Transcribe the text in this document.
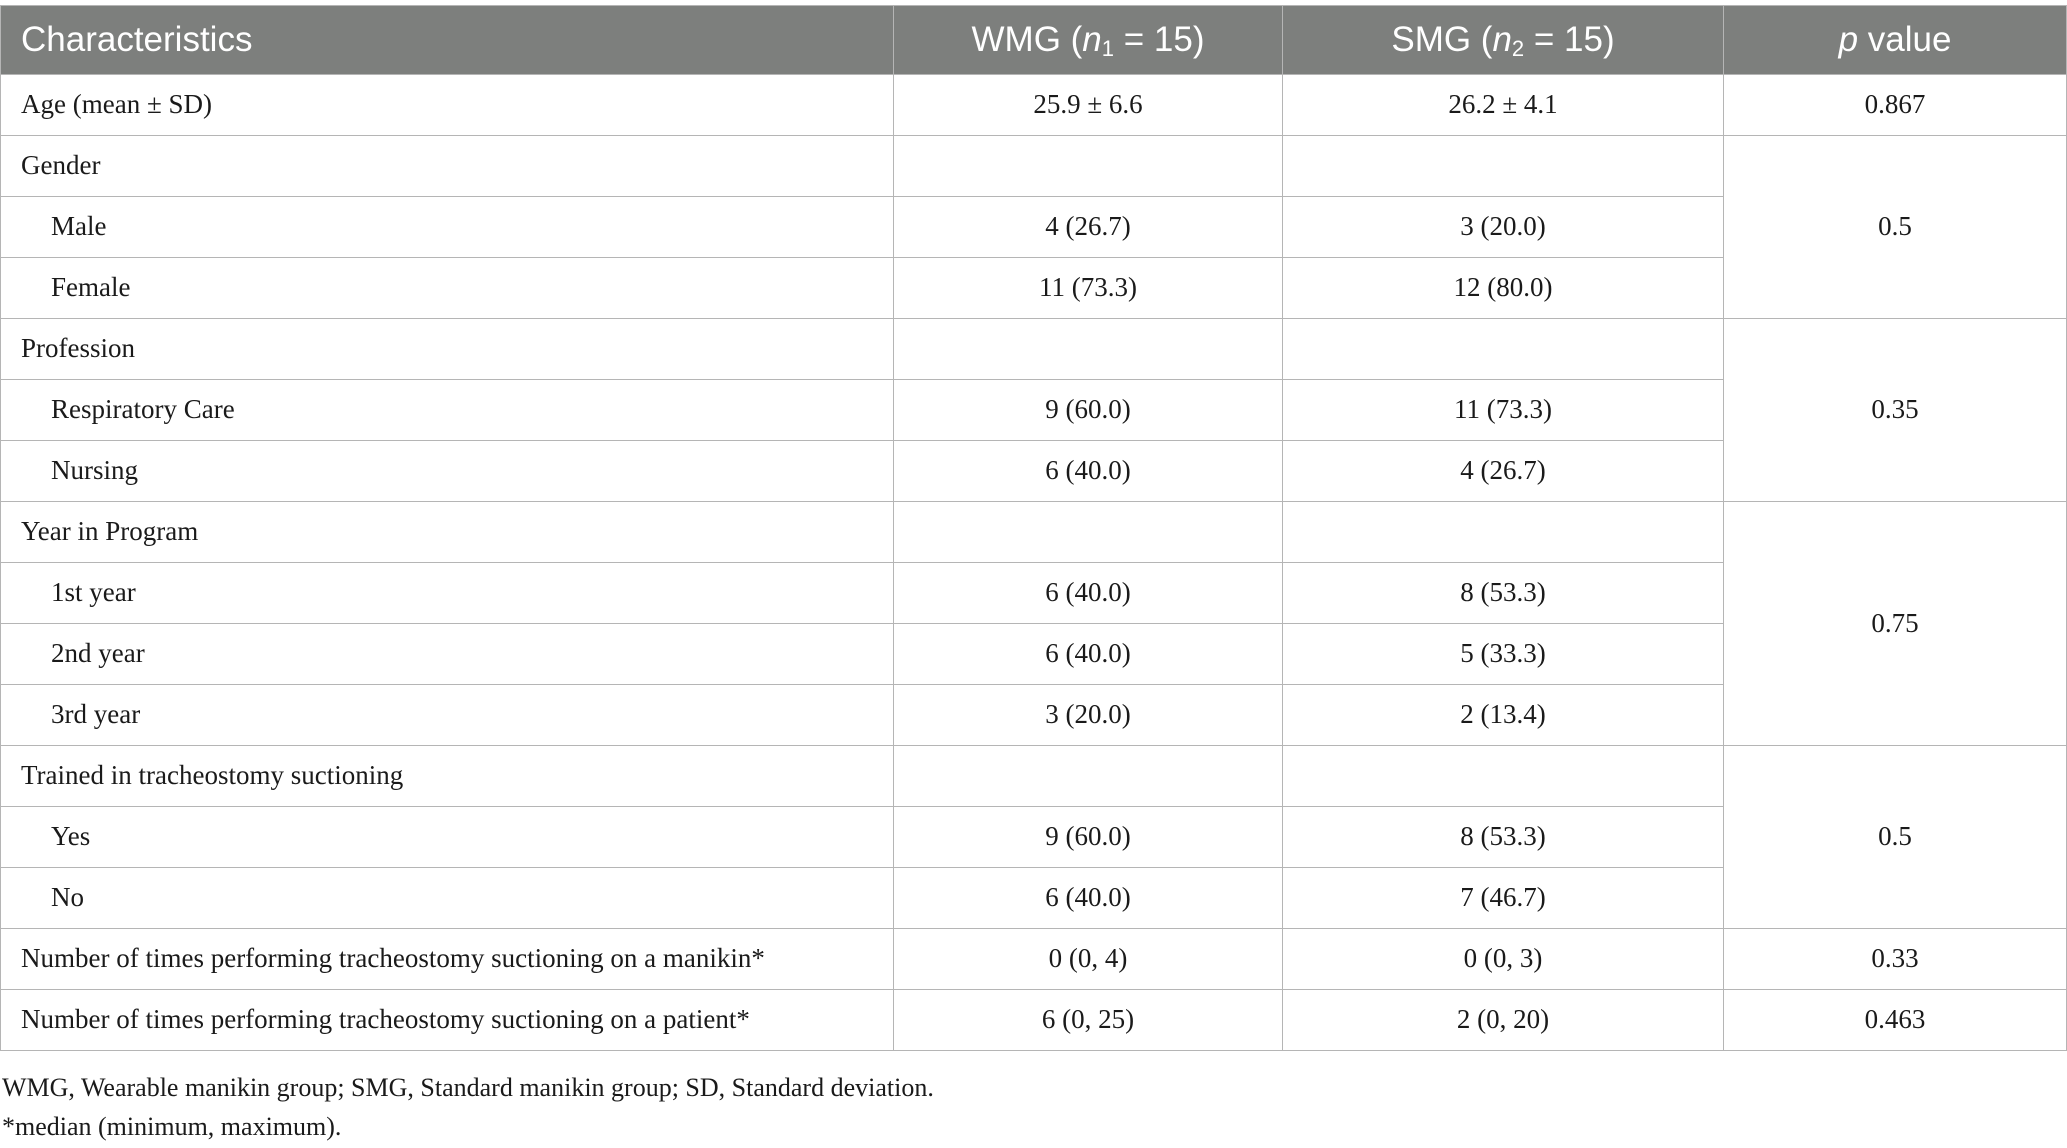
Characteristics	WMG $(n_1 = 15)$	SMG $(n_2 = 15)$	p value
Age (mean ± SD)	25.9 ± 6.6	26.2 ± 4.1	0.867
Gender			0.5
Male	4 (26.7)	3 (20.0)	
Female	11 (73.3)	12 (80.0)	
Profession			0.35
Respiratory Care	9 (60.0)	11 (73.3)	
Nursing	6 (40.0)	4 (26.7)	
Year in Program			0.75
1st year	6 (40.0)	8 (53.3)	
2nd year	6 (40.0)	5 (33.3)	
3rd year	3 (20.0)	2 (13.4)	
Trained in tracheostomy suctioning			0.5
Yes	9 (60.0)	8 (53.3)	
No	6 (40.0)	7 (46.7)	
Number of times performing tracheostomy suctioning on a manikin*	0 (0, 4)	0 (0, 3)	0.33
Number of times performing tracheostomy suctioning on a patient*	6 (0, 25)	2 (0, 20)	0.463
WMG, Wearable manikin group; SMG, Standard manikin group; SD, Standard deviation.
*median (minimum, maximum).
